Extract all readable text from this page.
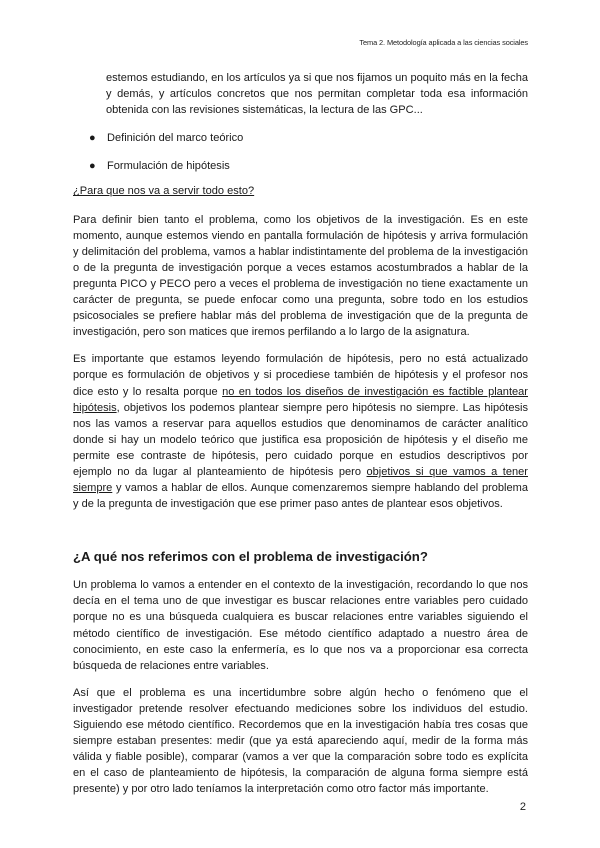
Tema 2. Metodología aplicada a las ciencias sociales

estemos estudiando, en los artículos ya si que nos fijamos un poquito más en la fecha y demás, y artículos concretos que nos permitan completar toda esa información obtenida con las revisiones sistemáticas, la lectura de las GPC...

● Definición del marco teórico
● Formulación de hipótesis

¿Para que nos va a servir todo esto?

Para definir bien tanto el problema, como los objetivos de la investigación. Es en este momento, aunque estemos viendo en pantalla formulación de hipótesis y arriva formulación y delimitación del problema, vamos a hablar indistintamente del problema de la investigación o de la pregunta de investigación porque a veces estamos acostumbrados a hablar de la pregunta PICO y PECO pero a veces el problema de investigación no tiene exactamente un carácter de pregunta, se puede enfocar como una pregunta, sobre todo en los estudios psicosociales se prefiere hablar más del problema de investigación que de la pregunta de investigación, pero son matices que iremos perfilando a lo largo de la asignatura.

Es importante que estamos leyendo formulación de hipótesis, pero no está actualizado porque es formulación de objetivos y si procediese también de hipótesis y el profesor nos dice esto y lo resalta porque no en todos los diseños de investigación es factible plantear hipótesis, objetivos los podemos plantear siempre pero hipótesis no siempre. Las hipótesis nos las vamos a reservar para aquellos estudios que denominamos de carácter analítico donde si hay un modelo teórico que justifica esa proposición de hipótesis y el diseño me permite ese contraste de hipótesis, pero cuidado porque en estudios descriptivos por ejemplo no da lugar al planteamiento de hipótesis pero objetivos si que vamos a tener siempre y vamos a hablar de ellos. Aunque comenzaremos siempre hablando del problema y de la pregunta de investigación que ese primer paso antes de plantear esos objetivos.

¿A qué nos referimos con el problema de investigación?

Un problema lo vamos a entender en el contexto de la investigación, recordando lo que nos decía en el tema uno de que investigar es buscar relaciones entre variables pero cuidado porque no es una búsqueda cualquiera es buscar relaciones entre variables siguiendo el método científico de investigación. Ese método científico adaptado a nuestro área de conocimiento, en este caso la enfermería, es lo que nos va a proporcionar esa correcta búsqueda de relaciones entre variables.

Así que el problema es una incertidumbre sobre algún hecho o fenómeno que el investigador pretende resolver efectuando mediciones sobre los individuos del estudio. Siguiendo ese método científico. Recordemos que en la investigación había tres cosas que siempre estaban presentes: medir (que ya está apareciendo aquí, medir de la forma más válida y fiable posible), comparar (vamos a ver que la comparación sobre todo es explícita en el caso de planteamiento de hipótesis, la comparación de alguna forma siempre está presente) y por otro lado teníamos la interpretación como otro factor más importante.

2
